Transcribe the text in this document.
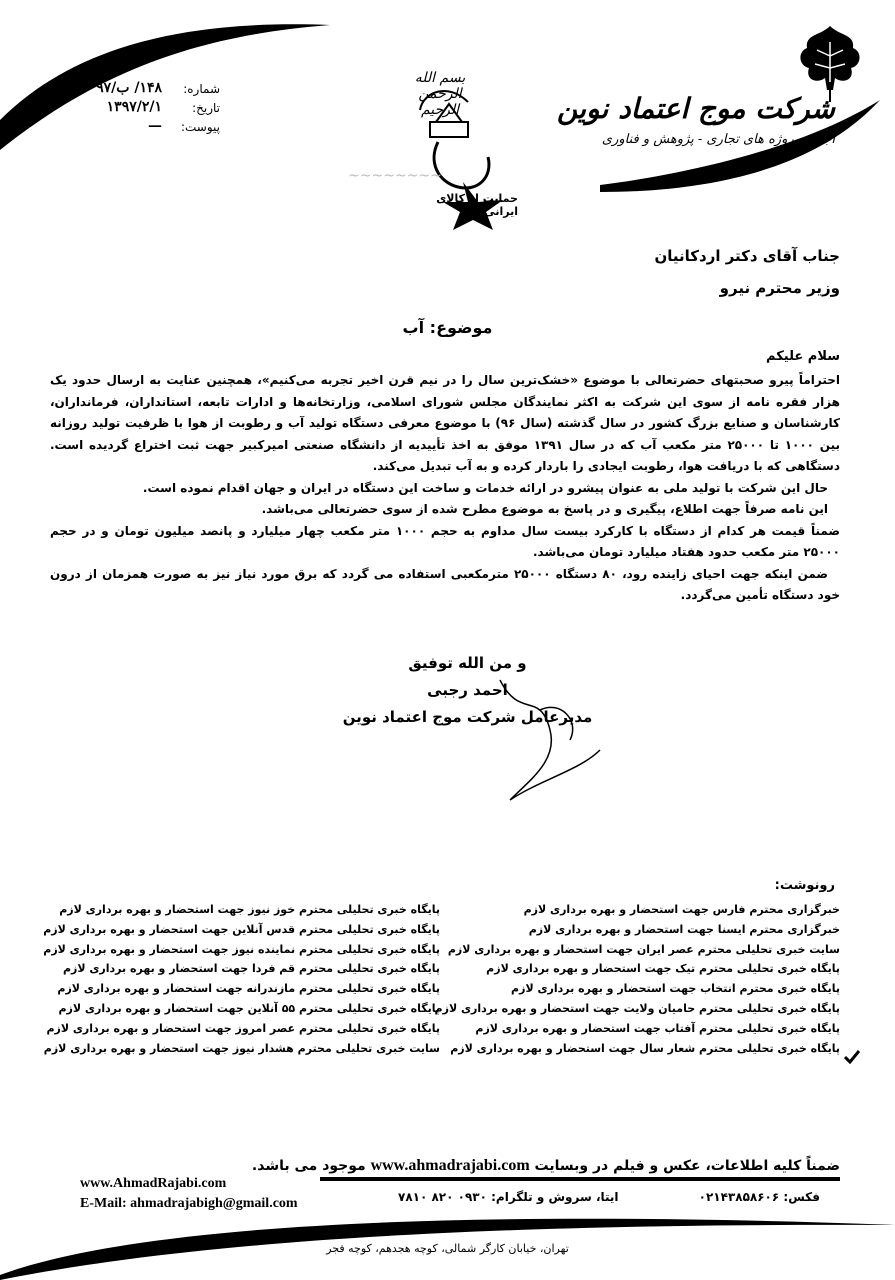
شرکت موج اعتماد نوین
اجرای پروژه های تجاری - پژوهش و فناوری
~~~~~~~~
بسم الله الرحمن الرحیم
حمایت از کالای ایرانی
شماره:
۱۴۸/ ب/۹۷
تاریخ:
۱۳۹۷/۲/۱
پیوست:
—
جناب آقای دکتر اردکانیان
وزیر محترم نیرو
موضوع: آب
سلام علیکم

احتراماً پیرو صحبتهای حضرتعالی با موضوع «خشک‌ترین سال را در نیم قرن اخیر تجربه می‌کنیم»، همچنین عنایت به ارسال حدود یک هزار فقره نامه از سوی این شرکت به اکثر نمایندگان مجلس شورای اسلامی، وزارتخانه‌ها و ادارات تابعه، استانداران، فرمانداران، کارشناسان و صنایع بزرگ کشور در سال گذشته (سال ۹۶) با موضوع معرفی دستگاه تولید آب و رطوبت از هوا با ظرفیت تولید روزانه بین ۱۰۰۰ تا ۲۵۰۰۰ متر مکعب آب که در سال ۱۳۹۱ موفق به اخذ تأییدیه از دانشگاه صنعتی امیرکبیر جهت ثبت اختراع گردیده است. دستگاهی که با دریافت هوا، رطوبت ایجادی را باردار کرده و به آب تبدیل می‌کند.

حال این شرکت با تولید ملی به عنوان پیشرو در ارائه خدمات و ساخت این دستگاه در ایران و جهان اقدام نموده است.

این نامه صرفاً جهت اطلاع، پیگیری و در پاسخ به موضوع مطرح شده از سوی حضرتعالی می‌باشد.

ضمناً قیمت هر کدام از دستگاه با کارکرد بیست سال مداوم به حجم ۱۰۰۰ متر مکعب چهار میلیارد و پانصد میلیون تومان و در حجم ۲۵۰۰۰ متر مکعب حدود هفتاد میلیارد تومان می‌باشد.

ضمن اینکه جهت احیای زاینده رود، ۸۰ دستگاه ۲۵۰۰۰ مترمکعبی استفاده می گردد که برق مورد نیاز نیز به صورت همزمان از درون خود دستگاه تأمین می‌گردد.

و من الله توفیق
احمد رجبی
مدیرعامل شرکت موج اعتماد نوین
رونوشت:
خبرگزاری محترم فارس جهت استحضار و بهره برداری لازم
خبرگزاری محترم ایسنا جهت استحضار و بهره برداری لازم
سایت خبری تحلیلی محترم عصر ایران جهت استحضار و بهره برداری لازم
پایگاه خبری تحلیلی محترم تیک جهت استحضار و بهره برداری لازم
پایگاه خبری محترم انتخاب جهت استحضار و بهره برداری لازم
پایگاه خبری تحلیلی محترم حامیان ولایت جهت استحضار و بهره برداری لازم
پایگاه خبری تحلیلی محترم آفتاب جهت استحضار و بهره برداری لازم
پایگاه خبری تحلیلی محترم شعار سال جهت استحضار و بهره برداری لازم
پایگاه خبری تحلیلی محترم خوز نیوز جهت استحضار و بهره برداری لازم
پایگاه خبری تحلیلی محترم قدس آنلاین جهت استحضار و بهره برداری لازم
پایگاه خبری تحلیلی محترم نماینده نیوز جهت استحضار و بهره برداری لازم
پایگاه خبری تحلیلی محترم قم فردا جهت استحضار و بهره برداری لازم
پایگاه خبری تحلیلی محترم مازندرانه جهت استحضار و بهره برداری لازم
پایگاه خبری تحلیلی محترم ۵۵ آنلاین جهت استحضار و بهره برداری لازم
پایگاه خبری تحلیلی محترم عصر امروز جهت استحضار و بهره برداری لازم
سایت خبری تحلیلی محترم هشدار نیوز جهت استحضار و بهره برداری لازم
ضمناً کلیه اطلاعات، عکس و فیلم در وبسایت www.ahmadrajabi.com موجود می باشد.
www.AhmadRajabi.com
E-Mail: ahmadrajabigh@gmail.com	فکس: ۰۲۱۴۳۸۵۸۶۰۶
ایتا، سروش و تلگرام: ۰۹۳۰ ۸۲۰ ۷۸۱۰
تهران، خیابان کارگر شمالی، کوچه هجدهم، کوچه فجر
